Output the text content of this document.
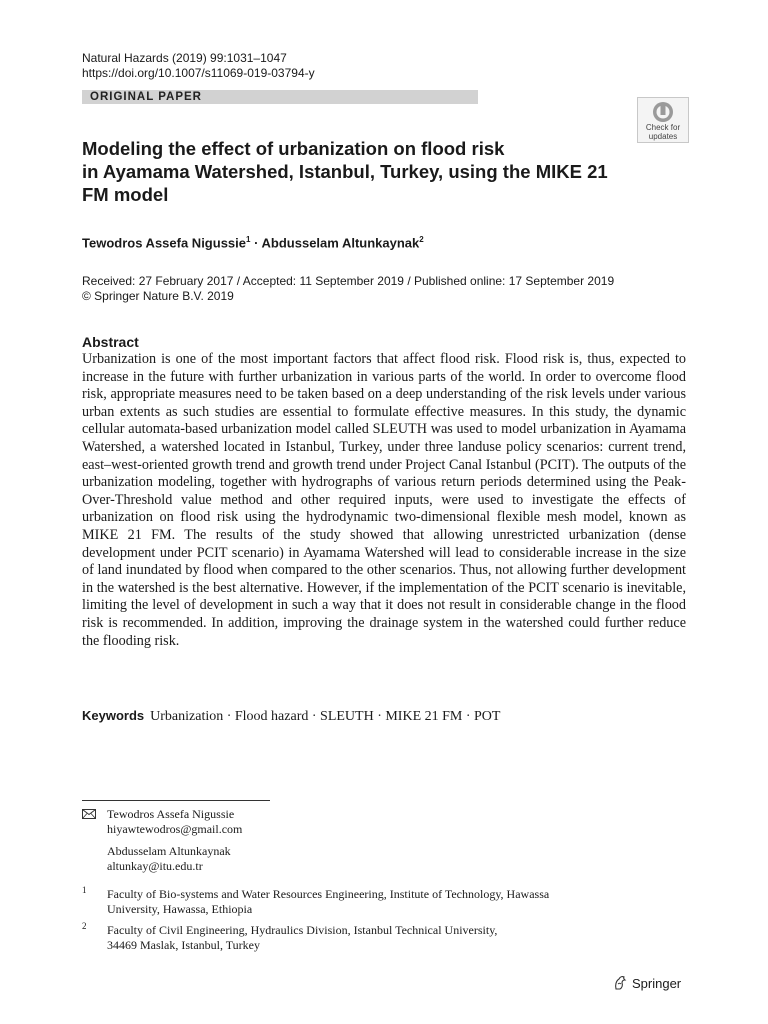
Natural Hazards (2019) 99:1031–1047
https://doi.org/10.1007/s11069-019-03794-y
ORIGINAL PAPER
Check for
updates
Modeling the effect of urbanization on flood risk
in Ayamama Watershed, Istanbul, Turkey, using the MIKE 21
FM model
Tewodros Assefa Nigussie$^1$ · Abdusselam Altunkaynak$^2$
Received: 27 February 2017 / Accepted: 11 September 2019 / Published online: 17 September 2019
© Springer Nature B.V. 2019
Abstract

Urbanization is one of the most important factors that affect flood risk. Flood risk is, thus, expected to increase in the future with further urbanization in various parts of the world. In order to overcome flood risk, appropriate measures need to be taken based on a deep understanding of the risk levels under various urban extents as such studies are essential to formulate effective measures. In this study, the dynamic cellular automata-based urbanization model called SLEUTH was used to model urbanization in Ayamama Watershed, a watershed located in Istanbul, Turkey, under three landuse policy scenarios: current trend, east–west-oriented growth trend and growth trend under Project Canal Istanbul (PCIT). The outputs of the urbanization modeling, together with hydrographs of various return periods determined using the Peak-Over-Threshold value method and other required inputs, were used to investigate the effects of urbanization on flood risk using the hydrodynamic two-dimensional flexible mesh model, known as MIKE 21 FM. The results of the study showed that allowing unrestricted urbanization (dense development under PCIT scenario) in Ayamama Watershed will lead to considerable increase in the size of land inundated by flood when compared to the other scenarios. Thus, not allowing further development in the watershed is the best alternative. However, if the implementation of the PCIT scenario is inevitable, limiting the level of development in such a way that it does not result in considerable change in the flood risk is recommended. In addition, improving the drainage system in the watershed could further reduce the flooding risk.

Keywords Urbanization · Flood hazard · SLEUTH · MIKE 21 FM · POT
Tewodros Assefa Nigussie
hiyawtewodros@gmail.com
Abdusselam Altunkaynak
altunkay@itu.edu.tr
1 Faculty of Bio-systems and Water Resources Engineering, Institute of Technology, Hawassa
University, Hawassa, Ethiopia
2 Faculty of Civil Engineering, Hydraulics Division, Istanbul Technical University,
34469 Maslak, Istanbul, Turkey
Springer
